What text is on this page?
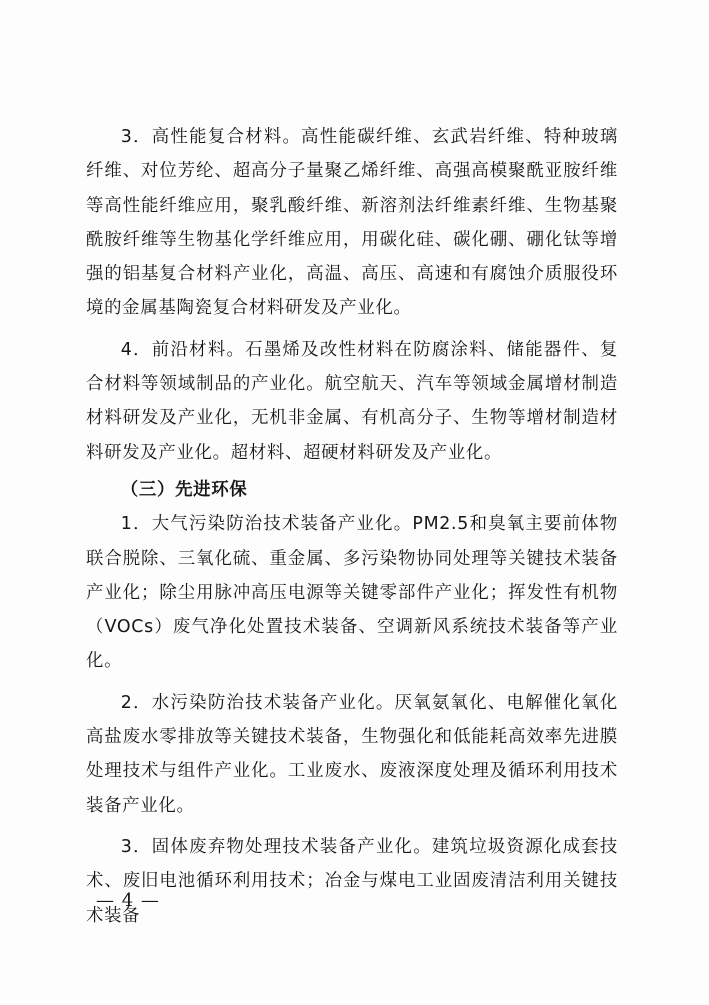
3．高性能复合材料。高性能碳纤维、玄武岩纤维、特种玻璃纤维、对位芳纶、超高分子量聚乙烯纤维、高强高模聚酰亚胺纤维等高性能纤维应用，聚乳酸纤维、新溶剂法纤维素纤维、生物基聚酰胺纤维等生物基化学纤维应用，用碳化硅、碳化硼、硼化钛等增强的铝基复合材料产业化，高温、高压、高速和有腐蚀介质服役环境的金属基陶瓷复合材料研发及产业化。

4．前沿材料。石墨烯及改性材料在防腐涂料、储能器件、复合材料等领域制品的产业化。航空航天、汽车等领域金属增材制造材料研发及产业化，无机非金属、有机高分子、生物等增材制造材料研发及产业化。超材料、超硬材料研发及产业化。

（三）先进环保

1．大气污染防治技术装备产业化。PM2.5和臭氧主要前体物联合脱除、三氧化硫、重金属、多污染物协同处理等关键技术装备产业化；除尘用脉冲高压电源等关键零部件产业化；挥发性有机物（VOCs）废气净化处置技术装备、空调新风系统技术装备等产业化。

2．水污染防治技术装备产业化。厌氧氨氧化、电解催化氧化高盐废水零排放等关键技术装备，生物强化和低能耗高效率先进膜处理技术与组件产业化。工业废水、废液深度处理及循环利用技术装备产业化。

3．固体废弃物处理技术装备产业化。建筑垃圾资源化成套技术、废旧电池循环利用技术；冶金与煤电工业固废清洁利用关键技术装备

— 4 —
